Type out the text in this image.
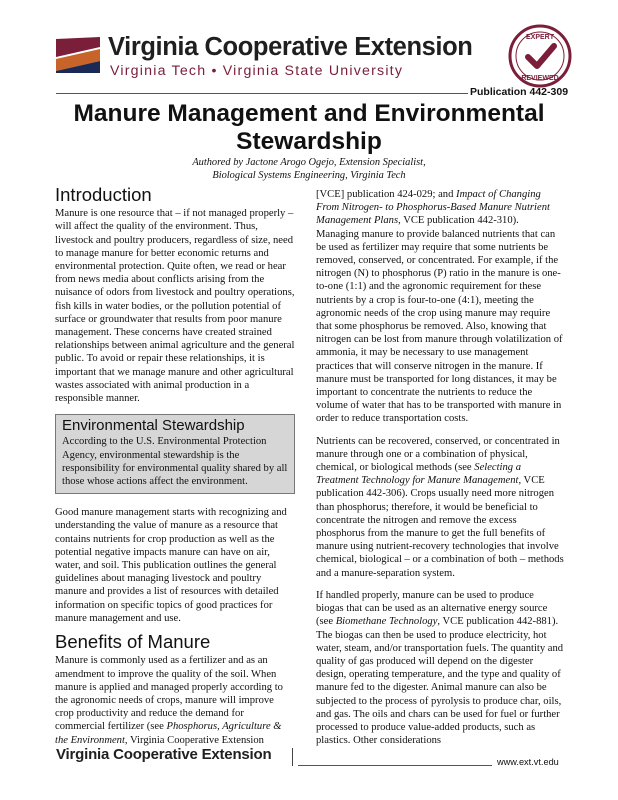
Virginia Cooperative Extension
Virginia Tech • Virginia State University
EXPERT
REVIEWED
Publication 442-309
Manure Management and Environmental Stewardship
Authored by Jactone Arogo Ogejo, Extension Specialist,
Biological Systems Engineering, Virginia Tech
Introduction

Manure is one resource that – if not managed properly – will affect the quality of the environment. Thus, livestock and poultry producers, regardless of size, need to manage manure for better economic returns and environmental protection. Quite often, we read or hear from news media about conflicts arising from the nuisance of odors from livestock and poultry operations, fish kills in water bodies, or the pollution potential of surface or groundwater that results from poor manure management. These concerns have created strained relationships between animal agriculture and the general public. To avoid or repair these relationships, it is important that we manage manure and other agricultural wastes associated with animal production in a responsible manner.

Environmental Stewardship

According to the U.S. Environmental Protection Agency, environmental stewardship is the responsibility for environmental quality shared by all those whose actions affect the environment.

Good manure management starts with recognizing and understanding the value of manure as a resource that contains nutrients for crop production as well as the potential negative impacts manure can have on air, water, and soil. This publication outlines the general guidelines about managing livestock and poultry manure and provides a list of resources with detailed information on specific topics of good practices for manure management and use.

Benefits of Manure

Manure is commonly used as a fertilizer and as an amendment to improve the quality of the soil. When manure is applied and managed properly according to the agronomic needs of crops, manure will improve crop productivity and reduce the demand for commercial fertilizer (see Phosphorus, Agriculture & the Environment, Virginia Cooperative Extension

[VCE] publication 424-029; and Impact of Changing From Nitrogen- to Phosphorus-Based Manure Nutrient Management Plans, VCE publication 442-310). Managing manure to provide balanced nutrients that can be used as fertilizer may require that some nutrients be removed, conserved, or concentrated. For example, if the nitrogen (N) to phosphorus (P) ratio in the manure is one-to-one (1:1) and the agronomic requirement for these nutrients by a crop is four-to-one (4:1), meeting the agronomic needs of the crop using manure may require that some phosphorus be removed. Also, knowing that nitrogen can be lost from manure through volatilization of ammonia, it may be necessary to use management practices that will conserve nitrogen in the manure. If manure must be transported for long distances, it may be important to concentrate the nutrients to reduce the volume of water that has to be transported with manure in order to reduce transportation costs.

Nutrients can be recovered, conserved, or concentrated in manure through one or a combination of physical, chemical, or biological methods (see Selecting a Treatment Technology for Manure Management, VCE publication 442-306). Crops usually need more nitrogen than phosphorus; therefore, it would be beneficial to concentrate the nitrogen and remove the excess phosphorus from the manure to get the full benefits of manure using nutrient-recovery technologies that involve chemical, biological – or a combination of both – methods and a manure-separation system.

If handled properly, manure can be used to produce biogas that can be used as an alternative energy source (see Biomethane Technology, VCE publication 442-881). The biogas can then be used to produce electricity, hot water, steam, and/or transportation fuels. The quantity and quality of gas produced will depend on the digester design, operating temperature, and the type and quality of manure fed to the digester. Animal manure can also be subjected to the process of pyrolysis to produce char, oils, and gas. The oils and chars can be used for fuel or further processed to produce value-added products, such as plastics. Other considerations

Virginia Cooperative Extension	www.ext.vt.edu
